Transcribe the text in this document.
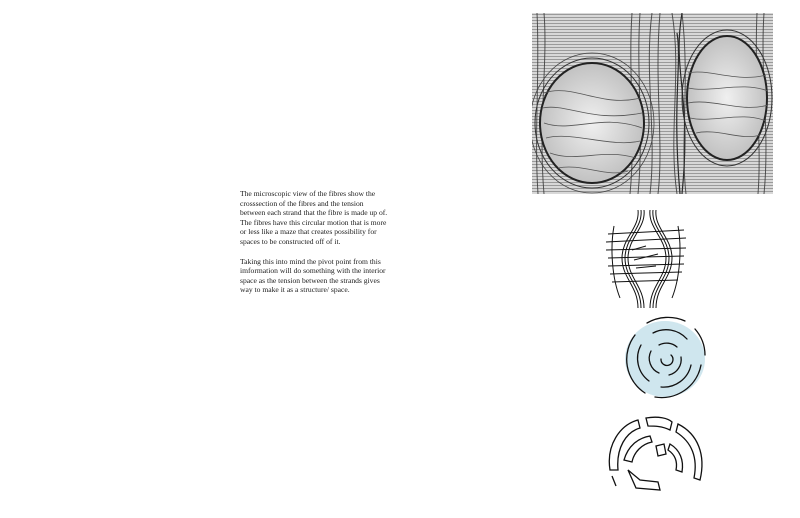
The microscopic view of the fibres show the crosssection of the fibres and the tension between each strand that the fibre is made up of. The fibres have this circular motion that is more or less like a maze that creates possibility for spaces to be constructed off of it.

Taking this into mind the pivot point from this imformation will do something with the interior space as the tension between the strands gives way to make it as a structure/ space.
